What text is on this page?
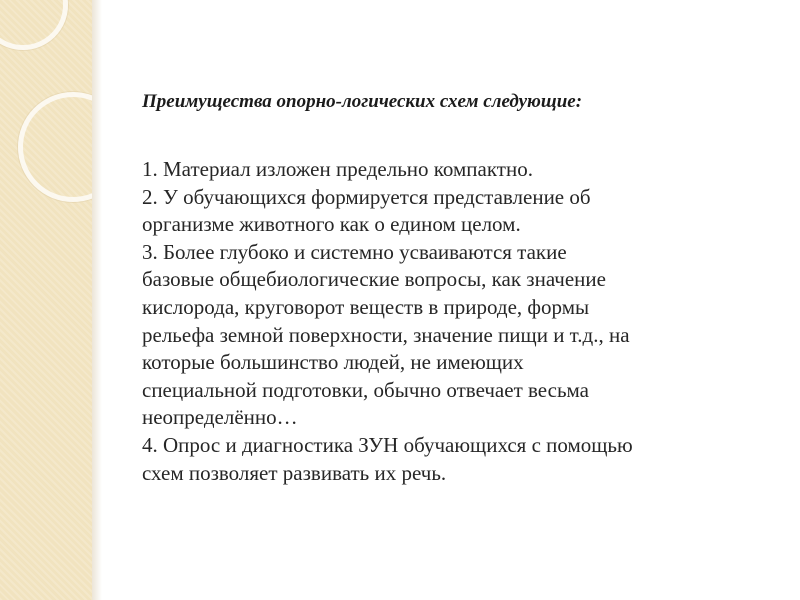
Преимущества опорно-логических схем следующие:

1. Материал изложен предельно компактно.
2. У обучающихся формируется представление об
организме животного как о едином целом.
3. Более глубоко и системно усваиваются такие
базовые общебиологические вопросы, как значение
кислорода, круговорот веществ в природе, формы
рельефа земной поверхности, значение пищи и т.д., на
которые большинство людей, не имеющих
специальной подготовки, обычно отвечает весьма
неопределённо…
4. Опрос и диагностика ЗУН обучающихся с помощью
схем позволяет развивать их речь.
